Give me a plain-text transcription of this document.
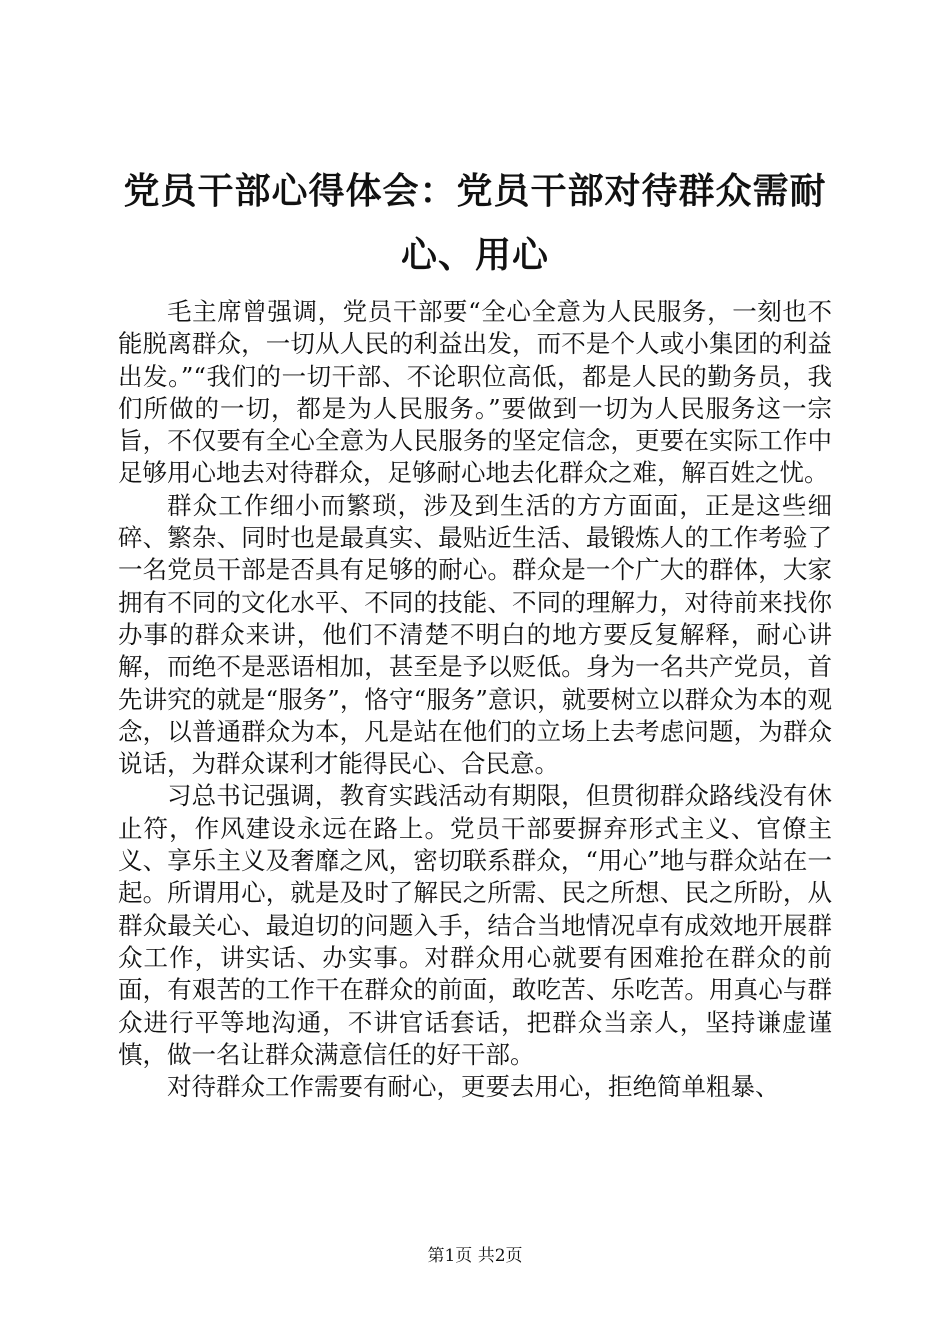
党员干部心得体会：党员干部对待群众需耐心、用心

毛主席曾强调，党员干部要“全心全意为人民服务，一刻也不能脱离群众，一切从人民的利益出发，而不是个人或小集团的利益出发。”“我们的一切干部、不论职位高低，都是人民的勤务员，我们所做的一切，都是为人民服务。”要做到一切为人民服务这一宗旨，不仅要有全心全意为人民服务的坚定信念，更要在实际工作中足够用心地去对待群众，足够耐心地去化群众之难，解百姓之忧。

群众工作细小而繁琐，涉及到生活的方方面面，正是这些细碎、繁杂、同时也是最真实、最贴近生活、最锻炼人的工作考验了一名党员干部是否具有足够的耐心。群众是一个广大的群体，大家拥有不同的文化水平、不同的技能、不同的理解力，对待前来找你办事的群众来讲，他们不清楚不明白的地方要反复解释，耐心讲解，而绝不是恶语相加，甚至是予以贬低。身为一名共产党员，首先讲究的就是“服务”，恪守“服务”意识，就要树立以群众为本的观念，以普通群众为本，凡是站在他们的立场上去考虑问题，为群众说话，为群众谋利才能得民心、合民意。

习总书记强调，教育实践活动有期限，但贯彻群众路线没有休止符，作风建设永远在路上。党员干部要摒弃形式主义、官僚主义、享乐主义及奢靡之风，密切联系群众，“用心”地与群众站在一起。所谓用心，就是及时了解民之所需、民之所想、民之所盼，从群众最关心、最迫切的问题入手，结合当地情况卓有成效地开展群众工作，讲实话、办实事。对群众用心就要有困难抢在群众的前面，有艰苦的工作干在群众的前面，敢吃苦、乐吃苦。用真心与群众进行平等地沟通，不讲官话套话，把群众当亲人，坚持谦虚谨慎，做一名让群众满意信任的好干部。

对待群众工作需要有耐心，更要去用心，拒绝简单粗暴、

第1页 共2页
